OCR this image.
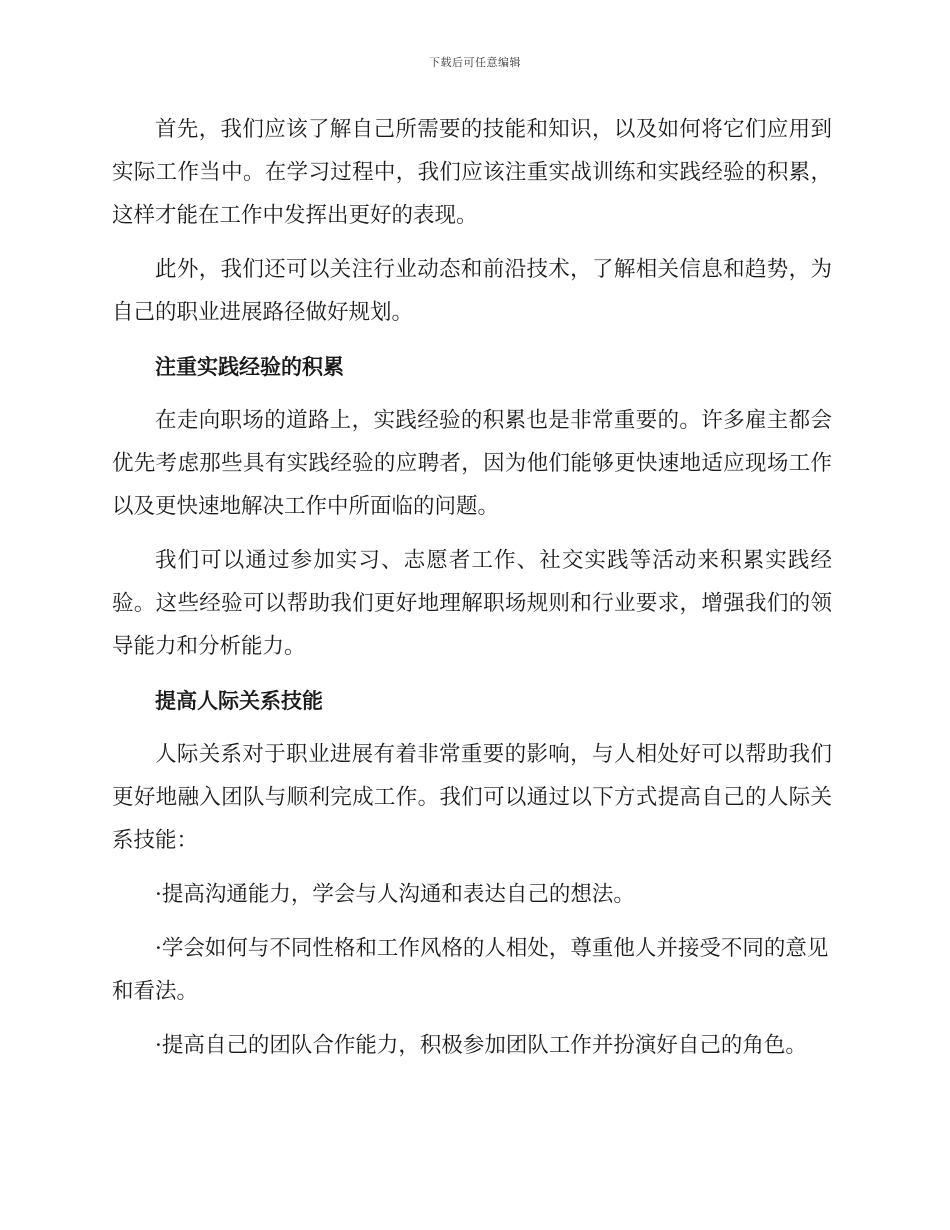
下载后可任意编辑

首先，我们应该了解自己所需要的技能和知识，以及如何将它们应用到实际工作当中。在学习过程中，我们应该注重实战训练和实践经验的积累，这样才能在工作中发挥出更好的表现。

此外，我们还可以关注行业动态和前沿技术，了解相关信息和趋势，为自己的职业进展路径做好规划。

注重实践经验的积累

在走向职场的道路上，实践经验的积累也是非常重要的。许多雇主都会优先考虑那些具有实践经验的应聘者，因为他们能够更快速地适应现场工作以及更快速地解决工作中所面临的问题。

我们可以通过参加实习、志愿者工作、社交实践等活动来积累实践经验。这些经验可以帮助我们更好地理解职场规则和行业要求，增强我们的领导能力和分析能力。

提高人际关系技能

人际关系对于职业进展有着非常重要的影响，与人相处好可以帮助我们更好地融入团队与顺利完成工作。我们可以通过以下方式提高自己的人际关系技能：

·提高沟通能力，学会与人沟通和表达自己的想法。

·学会如何与不同性格和工作风格的人相处，尊重他人并接受不同的意见和看法。

·提高自己的团队合作能力，积极参加团队工作并扮演好自己的角色。
